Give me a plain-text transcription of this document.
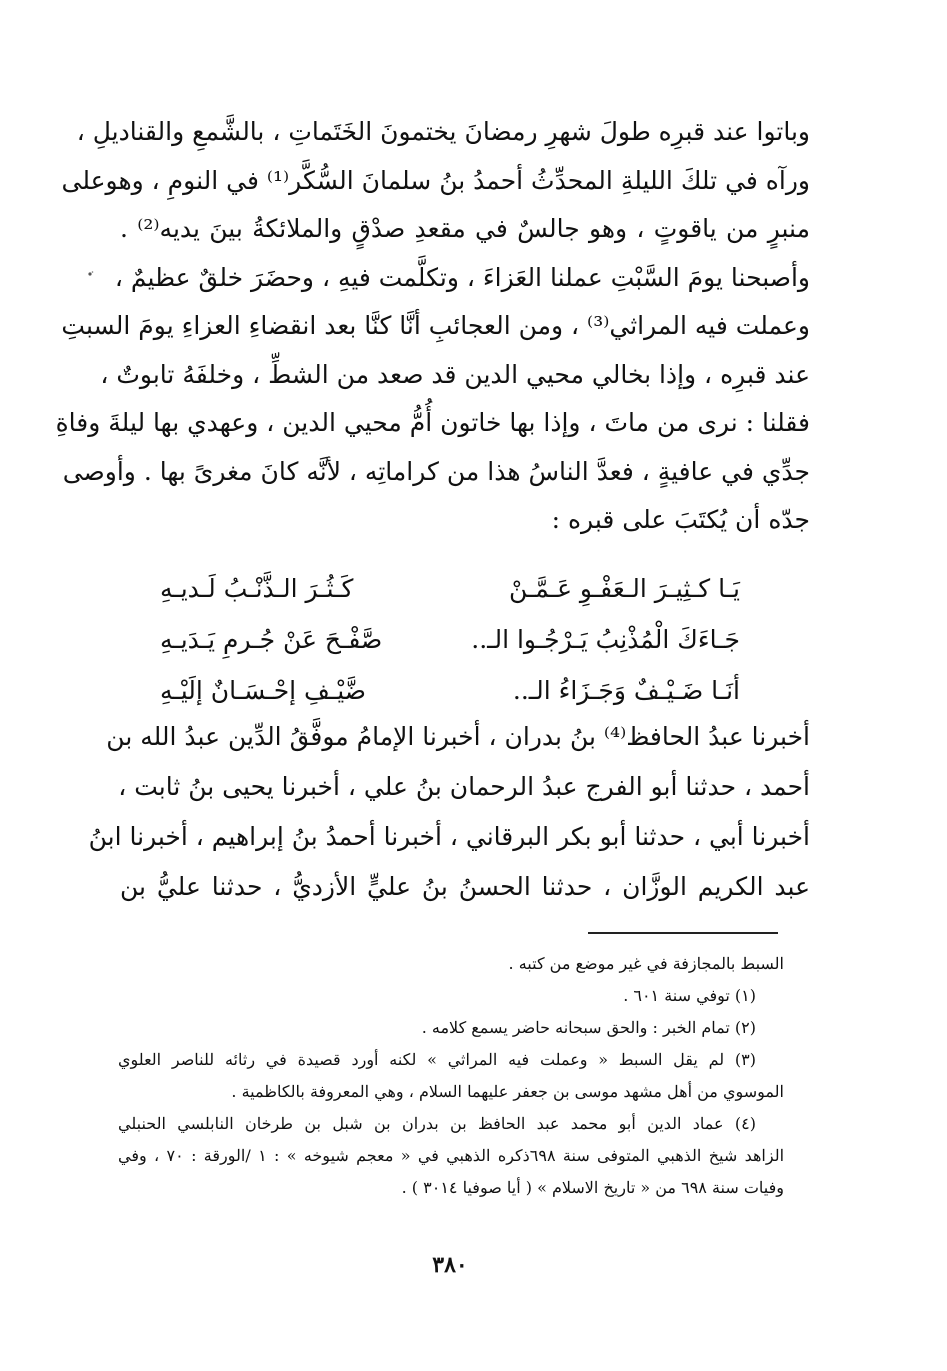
وباتوا عند قبرِه طولَ شهرِ رمضانَ يختمونَ الخَتَماتِ ، بالشَّمعِ والقناديلِ ،
ورآه في تلكَ الليلةِ المحدِّثُ أحمدُ بنُ سلمانَ السُّكَّر⁽¹⁾ في النومِ ، وهوعلى
منبرٍ من ياقوتٍ ، وهو جالسٌ في مقعدِ صدْقٍ والملائكةُ بينَ يديه⁽²⁾ .
وأصبحنا يومَ السَّبْتِ عملنا العَزاءَ ، وتكلَّمت فيهِ ، وحضَرَ خلقٌ عظيمٌ ،
وعملت فيه المراثي⁽³⁾ ، ومن العجائبِ أنَّا كنَّا بعد انقضاءِ العزاءِ يومَ السبتِ
عند قبرِه ، وإذا بخالي محيي الدين قد صعد من الشطِّ ، وخلفَهُ تابوتٌ ،
فقلنا : نرى من ماتَ ، وإذا بها خاتون أُمُّ محيي الدين ، وعهدي بها ليلةَ وفاةِ
جدِّي في عافيةٍ ، فعدَّ الناسُ هذا من كراماتِه ، لأنَّه كانَ مغرىً بها . وأوصى
جدّه أن يُكتَبَ على قبره :
يَـا كـثِيـرَ الـعَفْـوِ عَـمَّـنْ
كَـثُـرَ الـذَّنْـبُ لَـديـهِ
جَـاءَكَ الْمُذْنِبُ يَـرْجُـوا الـ..
صَّفْـحَ عَنْ جُـرمِ يَـدَيـهِ
أنَـا ضَـيْـفٌ وَجَـزَاءُ الـ..
ضَّيْـفِ إحْـسَـانٌ إلَيْـهِ
أخبرنا عبدُ الحافظ⁽⁴⁾ بنُ بدران ، أخبرنا الإمامُ موفَّقُ الدِّين عبدُ الله بن
أحمد ، حدثنا أبو الفرج عبدُ الرحمان بنُ علي ، أخبرنا يحيى بنُ ثابت ،
أخبرنا أبي ، حدثنا أبو بكر البرقاني ، أخبرنا أحمدُ بنُ إبراهيم ، أخبرنا ابنُ
عبد الكريم الوزَّان ، حدثنا الحسنُ بنُ عليٍّ الأزديُّ ، حدثنا عليُّ بن
السبط بالمجازفة في غير موضع من كتبه .
(١) توفي سنة ٦٠١ .
(٢) تمام الخبر : والحق سبحانه حاضر يسمع كلامه .
(٣) لم يقل السبط « وعملت فيه المراثي » لكنه أورد قصيدة في رثائه للناصر العلوي
الموسوي من أهل مشهد موسى بن جعفر عليهما السلام ، وهي المعروفة بالكاظمية .
(٤) عماد الدين أبو محمد عبد الحافظ بن بدران بن شبل بن طرخان النابلسي الحنبلي
الزاهد شيخ الذهبي المتوفى سنة ٦٩٨ذكره الذهبي في « معجم شيوخه » : ١ /الورقة : ٧٠ ، وفي
وفيات سنة ٦٩٨ من « تاريخ الاسلام » ( أيا صوفيا ٣٠١٤ ) .
٣٨٠
